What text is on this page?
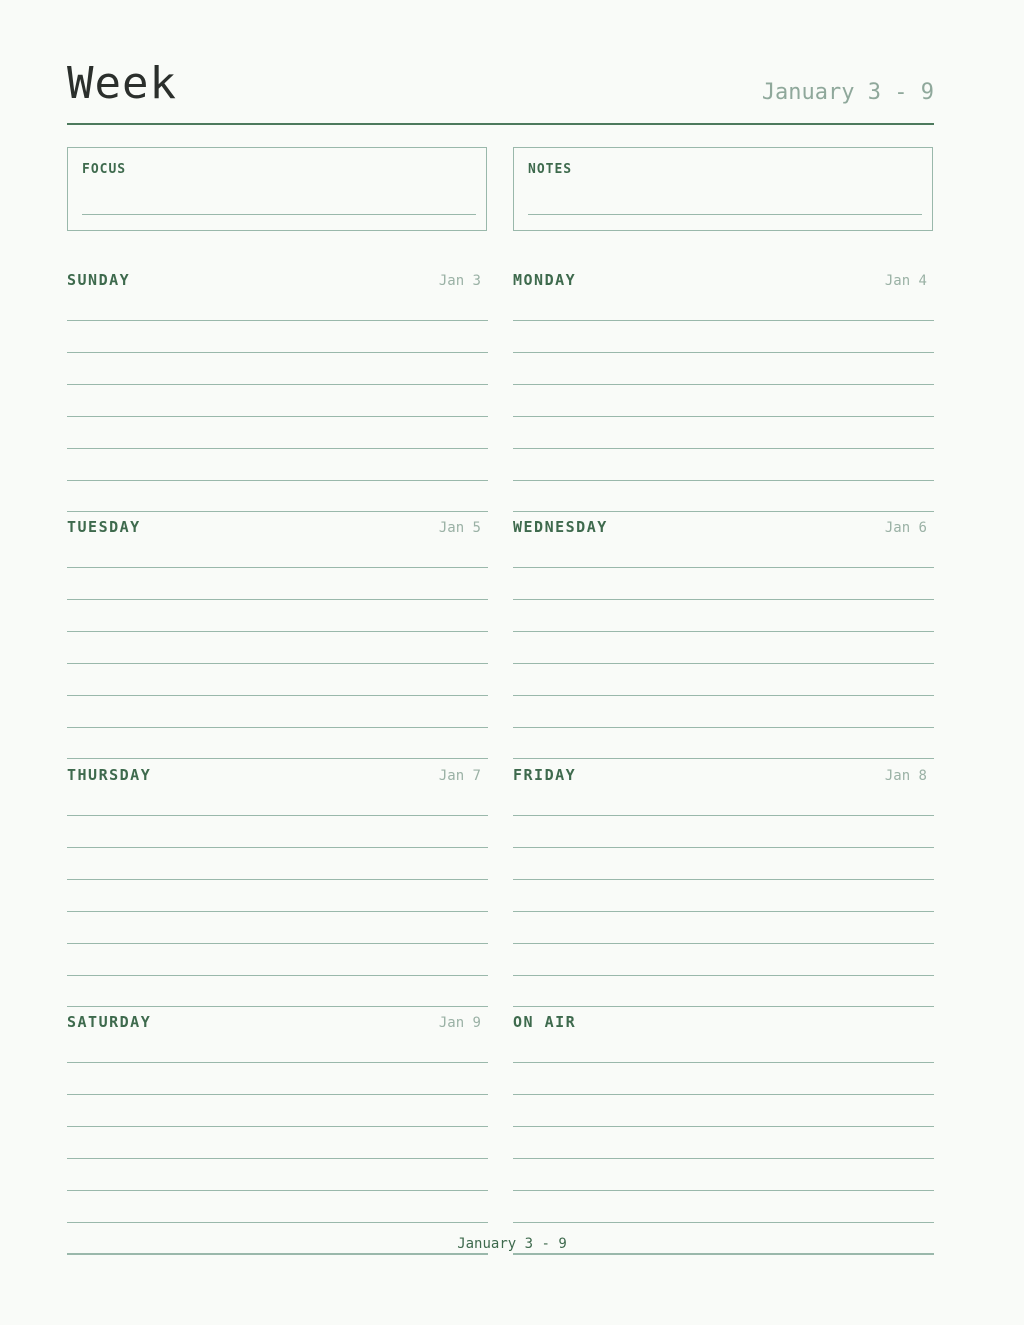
Week	January 3 - 9
FOCUS	NOTES
SUNDAY	Jan 3 MONDAY	Jan 4
TUESDAY	Jan 5 WEDNESDAY	Jan 6
THURSDAY	Jan 7 FRIDAY	Jan 8
SATURDAY	Jan 9 ON AIR
January 3 - 9
